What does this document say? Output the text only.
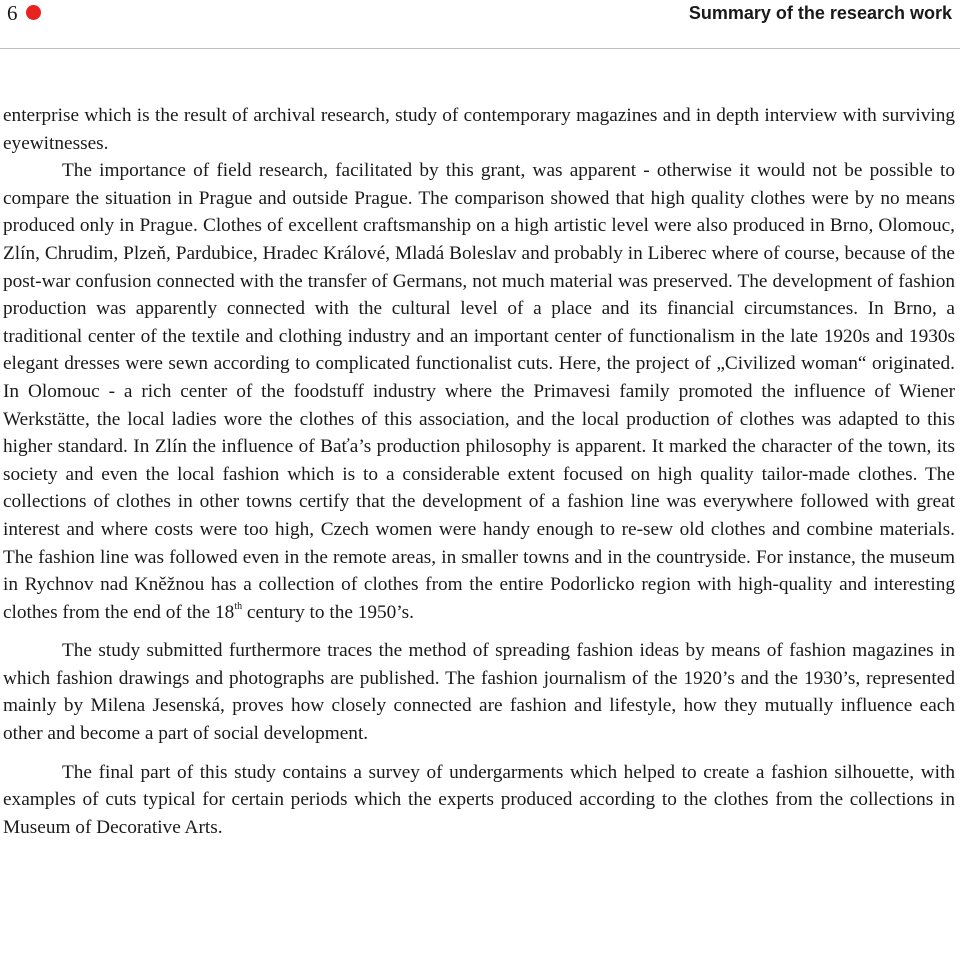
6	Summary of the research work

enterprise which is the result of archival research, study of contemporary magazines and in depth interview with surviving eyewitnesses.

The importance of field research, facilitated by this grant, was apparent - otherwise it would not be possible to compare the situation in Prague and outside Prague. The comparison showed that high quality clothes were by no means produced only in Prague. Clothes of excellent craftsmanship on a high artistic level were also produced in Brno, Olomouc, Zlín, Chrudim, Plzeň, Pardubice, Hradec Králové, Mladá Boleslav and probably in Liberec where of course, because of the post-war confusion connected with the transfer of Germans, not much material was preserved. The development of fashion production was apparently connected with the cultural level of a place and its financial circumstances. In Brno, a traditional center of the textile and clothing industry and an important center of functionalism in the late 1920s and 1930s elegant dresses were sewn according to complicated functionalist cuts. Here, the project of „Civilized woman“ originated. In Olomouc - a rich center of the foodstuff industry where the Primavesi family promoted the influence of Wiener Werkstätte, the local ladies wore the clothes of this association, and the local production of clothes was adapted to this higher standard. In Zlín the influence of Baťa’s production philosophy is apparent. It marked the character of the town, its society and even the local fashion which is to a considerable extent focused on high quality tailor-made clothes. The collections of clothes in other towns certify that the development of a fashion line was everywhere followed with great interest and where costs were too high, Czech women were handy enough to re-sew old clothes and combine materials. The fashion line was followed even in the remote areas, in smaller towns and in the countryside. For instance, the museum in Rychnov nad Kněžnou has a collection of clothes from the entire Podorlicko region with high-quality and interesting clothes from the end of the 18th century to the 1950’s.

The study submitted furthermore traces the method of spreading fashion ideas by means of fashion magazines in which fashion drawings and photographs are published. The fashion journalism of the 1920’s and the 1930’s, represented mainly by Milena Jesenská, proves how closely connected are fashion and lifestyle, how they mutually influence each other and become a part of social development.

The final part of this study contains a survey of undergarments which helped to create a fashion silhouette, with examples of cuts typical for certain periods which the experts produced according to the clothes from the collections in Museum of Decorative Arts.
